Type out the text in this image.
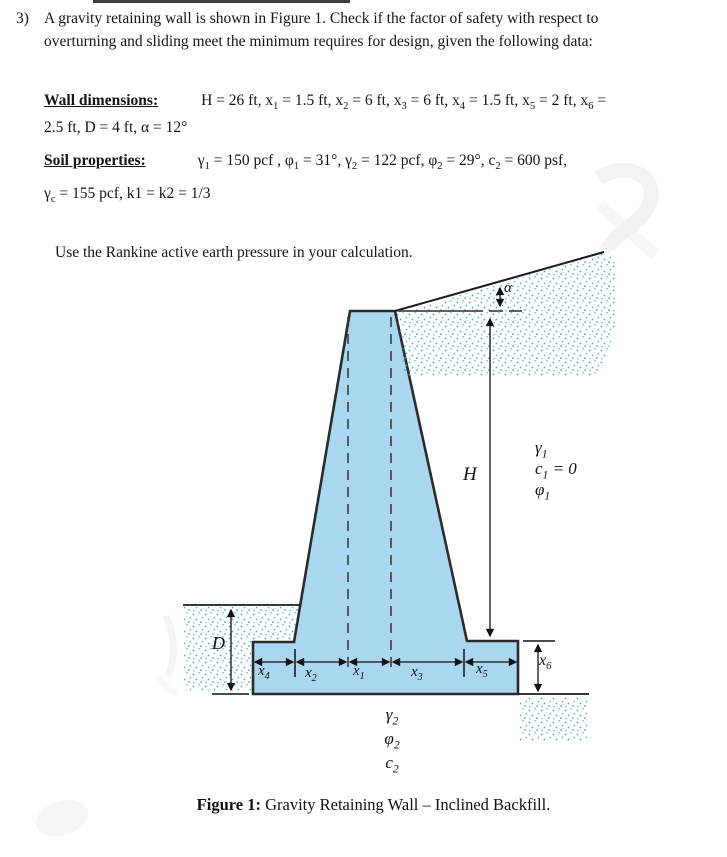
3) A gravity retaining wall is shown in Figure 1. Check if the factor of safety with respect to
overturning and sliding meet the minimum requires for design, given the following data:
Wall dimensions:	H = 26 ft, $x_1 = 1.5$ ft, $x_2 = 6$ ft, $x_3 = 6$ ft, $x_4 = 1.5$ ft, $x_5 = 2$ ft, $x_6$ =
2.5 ft, D = 4 ft, α = 12°
Soil properties:	$\gamma_1 = 150$ pcf , $\varphi_1 = 31^\circ$, $\gamma_2 = 122$ pcf, $\varphi_2 = 29^\circ$, $c_2 = 600$ psf,
$\gamma_c = 155$ pcf, k1 = k2 = 1/3
Use the Rankine active earth pressure in your calculation.
α
H
D
$x_4$ $x_2$ $x_1$	$x_3$
$x_5$
$x_6$
$\gamma_1$
$c_1 = 0$
$\varphi_1$
$\gamma_2$
$\varphi_2$
$c_2$
Figure 1: Gravity Retaining Wall – Inclined Backfill.
